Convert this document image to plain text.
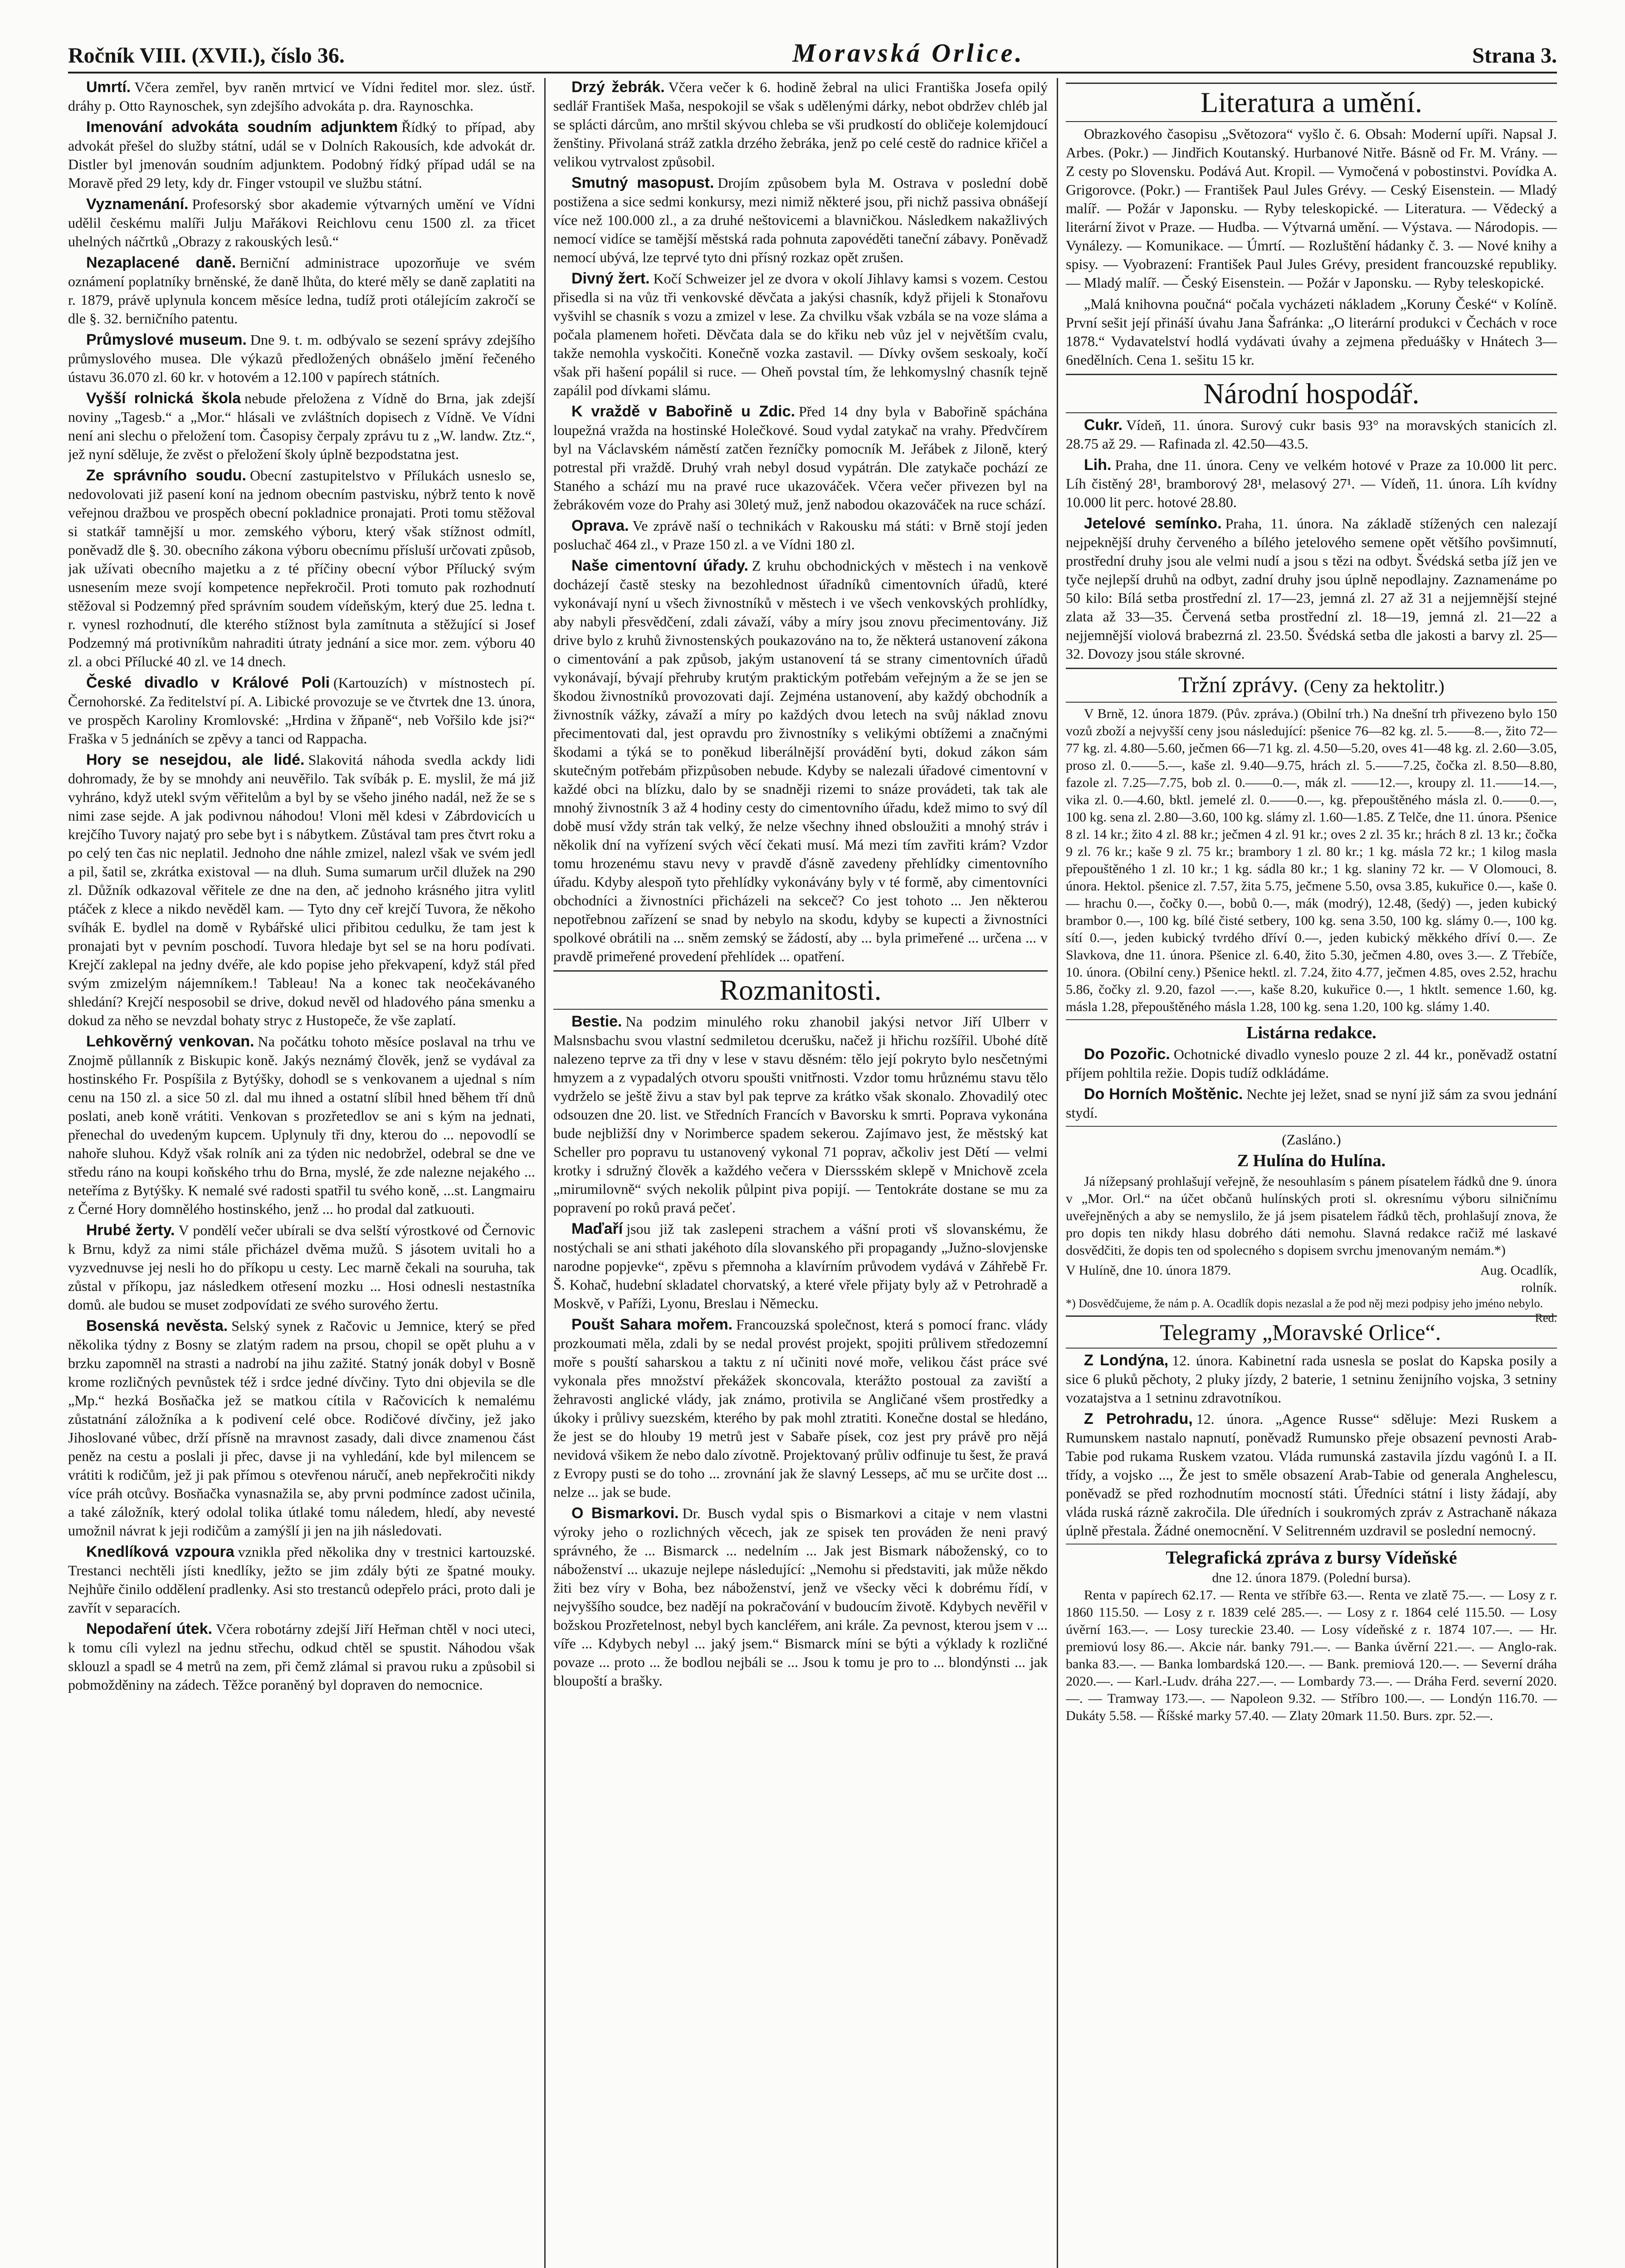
Ročník VIII. (XVII.), číslo 36.	Moravská Orlice.	Strana 3.

Umrtí. Včera zemřel, byv raněn mrtvicí ve Vídni ředitel mor. slez. ústř. dráhy p. Otto Raynoschek, syn zdejšího advokáta p. dra. Raynoschka.

Imenování advokáta soudním adjunktem Řídký to případ, aby advokát přešel do služby státní, udál se v Dolních Rakousích, kde advokát dr. Distler byl jmenován soudním adjunktem. Podobný řídký případ udál se na Moravě před 29 lety, kdy dr. Finger vstoupil ve službu státní.

Vyznamenání. Profesorský sbor akademie výtvarných umění ve Vídni udělil českému malíři Julju Mařákovi Reichlovu cenu 1500 zl. za třicet uhelných náčrtků „Obrazy z rakouských lesů.“

Nezaplacené daně. Berniční administrace upozorňuje ve svém oznámení poplatníky brněnské, že daně lhůta, do které měly se daně zaplatiti na r. 1879, právě uplynula koncem měsíce ledna, tudíž proti otálejícím zakročí se dle §. 32. berničního patentu.

Průmyslové museum. Dne 9. t. m. odbývalo se sezení správy zdejšího průmyslového musea. Dle výkazů předložených obnášelo jmění řečeného ústavu 36.070 zl. 60 kr. v hotovém a 12.100 v papírech státních.

Vyšší rolnická škola nebude přeložena z Vídně do Brna, jak zdejší noviny „Tagesb.“ a „Mor.“ hlásali ve zvláštních dopisech z Vídně. Ve Vídni není ani slechu o přeložení tom. Časopisy čerpaly zprávu tu z „W. landw. Ztz.“, jež nyní sděluje, že zvěst o přeložení školy úplně bezpodstatna jest.

Ze správního soudu. Obecní zastupitelstvo v Přílukách usneslo se, nedovolovati již pasení koní na jednom obecním pastvisku, nýbrž tento k nově veřejnou dražbou ve prospěch obecní pokladnice pronajati. Proti tomu stěžoval si statkář tamnější u mor. zemského výboru, který však stížnost odmítl, poněvadž dle §. 30. obecního zákona výboru obecnímu přísluší určovati způsob, jak užívati obecního majetku a z té příčiny obecní výbor Přílucký svým usnesením meze svojí kompetence nepřekročil. Proti tomuto pak rozhodnutí stěžoval si Podzemný před správním soudem vídeňským, který due 25. ledna t. r. vynesl rozhodnutí, dle kterého stížnost byla zamítnuta a stěžující si Josef Podzemný má protivníkům nahraditi útraty jednání a sice mor. zem. výboru 40 zl. a obci Přílucké 40 zl. ve 14 dnech.

České divadlo v Králové Poli (Kartouzích) v místnostech pí. Černohorské. Za ředitelství pí. A. Libické provozuje se ve čtvrtek dne 13. února, ve prospěch Karoliny Kromlovské: „Hrdina v žňpaně“, neb Vořšilo kde jsi?“ Fraška v 5 jednáních se zpěvy a tanci od Rappacha.

Hory se nesejdou, ale lidé. Slakovitá náhoda svedla ackdy lidi dohromady, že by se mnohdy ani neuvěřilo. Tak svíbák p. E. myslil, že má již vyhráno, když utekl svým věřitelům a byl by se všeho jiného nadál, než že se s nimi zase sejde. A jak podivnou náhodou! Vloni měl kdesi v Zábrdovicích u krejčího Tuvory najatý pro sebe byt i s nábytkem. Zůstával tam pres čtvrt roku a po celý ten čas nic neplatil. Jednoho dne náhle zmizel, nalezl však ve svém jedl a pil, šatil se, zkrátka existoval — na dluh. Suma sumarum určil dlužek na 290 zl. Důžník odkazoval věřitele ze dne na den, ač jednoho krásného jitra vylitl ptáček z klece a nikdo nevěděl kam. — Tyto dny ceř krejčí Tuvora, že někoho svíhák E. bydlel na domě v Rybářské ulici přibitou cedulku, že tam jest k pronajati byt v pevním poschodí. Tuvora hledaje byt sel se na horu podívati. Krejčí zaklepal na jedny dvéře, ale kdo popise jeho překvapení, když stál před svým zmizelým nájemníkem.! Tableau! Na a konec tak neočekávaného shledání? Krejčí nesposobil se drive, dokud nevěl od hladového pána smenku a dokud za něho se nevzdal bohaty stryc z Hustopeče, že vše zaplatí.

Lehkověrný venkovan. Na počátku tohoto měsíce poslaval na trhu ve Znojmě půllanník z Biskupic koně. Jakýs neznámý člověk, jenž se vydával za hostinského Fr. Pospíšila z Bytýšky, dohodl se s venkovanem a ujednal s ním cenu na 150 zl. a sice 50 zl. dal mu ihned a ostatní slíbil hned během tří dnů poslati, aneb koně vrátiti. Venkovan s prozřetedlov se ani s kým na jednati, přenechal do uvedeným kupcem. Uplynuly tři dny, kterou do ... nepovodlí se nahoře sluhou. Když však rolník ani za týden nic nedobržel, odebral se dne ve středu ráno na koupi koňského trhu do Brna, myslé, že zde nalezne nejakého ... neteříma z Bytýšky. K nemalé své radosti spatřil tu svého koně, ...st. Langmairu z Černé Hory domnělého hostinského, jenž ... ho prodal dal zatkuouti.

Hrubé žerty. V pondělí večer ubírali se dva selští výrostkové od Černovic k Brnu, když za nimi stále přicházel dvěma mužů. S jásotem uvitali ho a vyzvednuvse jej nesli ho do příkopu u cesty. Lec marně čekali na souruha, tak zůstal v příkopu, jaz následkem otřesení mozku ... Hosi odnesli nestastníka domů. ale budou se muset zodpovídati ze svého surového žertu.

Bosenská nevěsta. Selský synek z Račovic u Jemnice, který se před několika týdny z Bosny se zlatým radem na prsou, chopil se opět pluhu a v brzku zapomněl na strasti a nadrobí na jihu zažité. Statný jonák dobyl v Bosně krome rozličných pevnůstek též i srdce jedné dívčiny. Tyto dni objevila se dle „Mp.“ hezká Bosňačka jež se matkou cítila v Račovicích k nemalému zůstatnání záložníka a k podivení celé obce. Rodičové dívčiny, jež jako Jihoslované vůbec, drží přísně na mravnost zasady, dali divce znamenou část peněz na cestu a poslali ji přec, davse ji na vyhledání, kde byl milencem se vrátiti k rodičům, jež ji pak přímou s otevřenou náručí, aneb nepřekročiti nikdy více práh otcůvy. Bosňačka vynasnažila se, aby prvni podmínce zadost učinila, a také záložník, který odolal tolika útlaké tomu náledem, hledí, aby nevesté umožnil návrat k jeji rodičům a zamýšlí ji jen na jih následovati.

Knedlíková vzpoura vznikla před několika dny v trestnici kartouzské. Trestanci nechtěli jísti knedlíky, ježto se jim zdály býti ze špatné mouky. Nejhůře činilo oddělení pradlenky. Asi sto trestanců odepřelo práci, proto dali je zavřít v separacích.

Nepodaření útek. Včera robotárny zdejší Jiří Heřman chtěl v noci uteci, k tomu cíli vylezl na jednu střechu, odkud chtěl se spustit. Náhodou však sklouzl a spadl se 4 metrů na zem, při čemž zlámal si pravou ruku a způsobil si pobmožděniny na zádech. Těžce poraněný byl dopraven do nemocnice.

Drzý žebrák. Včera večer k 6. hodině žebral na ulici Františka Josefa opilý sedlář František Maša, nespokojil se však s udělenými dárky, nebot obdržev chléb jal se splácti dárcům, ano mrštil skývou chleba se vši prudkostí do obličeje kolemjdoucí ženštiny. Přivolaná stráž zatkla drzého žebráka, jenž po celé cestě do radnice křičel a velikou vytrvalost způsobil.

Smutný masopust. Drojím způsobem byla M. Ostrava v poslední době postižena a sice sedmi konkursy, mezi nimiž některé jsou, při nichž passiva obnášejí více než 100.000 zl., a za druhé neštovicemi a blavničkou. Následkem nakažlivých nemocí vidíce se tamější městská rada pohnuta zapovéděti taneční zábavy. Poněvadž nemocí ubývá, lze teprvé tyto dni přísný rozkaz opět zrušen.

Divný žert. Kočí Schweizer jel ze dvora v okolí Jihlavy kamsi s vozem. Cestou přisedla si na vůz tři venkovské děvčata a jakýsi chasník, když přijeli k Stonařovu vyšvihl se chasník s vozu a zmizel v lese. Za chvilku však vzbála se na voze sláma a počala plamenem hořeti. Děvčata dala se do křiku neb vůz jel v největším cvalu, takže nemohla vyskočiti. Konečně vozka zastavil. — Dívky ovšem seskoaly, kočí však při hašení popálil si ruce. — Oheň povstal tím, že lehkomyslný chasník tejně zapálil pod dívkami slámu.

K vraždě v Babořině u Zdic. Před 14 dny byla v Babořině spáchána loupežná vražda na hostinské Holečkové. Soud vydal zatykač na vrahy. Předvčírem byl na Václavském náměstí zatčen řezníčky pomocník M. Jeřábek z Jiloně, který potrestal při vraždě. Druhý vrah nebyl dosud vypátrán. Dle zatykače pochází ze Staného a schází mu na pravé ruce ukazováček. Včera večer přivezen byl na žebrákovém voze do Prahy asi 30letý muž, jenž nabodou okazováček na ruce schází.

Oprava. Ve zprávě naší o technikách v Rakousku má státi: v Brně stojí jeden posluchač 464 zl., v Praze 150 zl. a ve Vídni 180 zl.

Naše cimentovní úřady. Z kruhu obchodnických v městech i na venkově docházejí častě stesky na bezohlednost úřadníků cimentovních úřadů, které vykonávají nyní u všech živnostníků v městech i ve všech venkovských prohlídky, aby nabyli přesvědčení, zdali závaží, váby a míry jsou znovu přecimentovány. Již drive bylo z kruhů živnostenských poukazováno na to, že některá ustanovení zákona o cimentování a pak způsob, jakým ustanovení tá se strany cimentovních úřadů vykonávají, bývají přehruby krutým praktickým potřebám veřejným a že se jen se škodou živnostníků provozovati dají. Zejména ustanovení, aby každý obchodník a živnostník vážky, závaží a míry po každých dvou letech na svůj náklad znovu přecimentovati dal, jest opravdu pro živnostníky s velikými obtížemi a značnými škodami a týká se to poněkud liberálnější provádění byti, dokud zákon sám skutečným potřebám přizpůsoben nebude. Kdyby se nalezali úřadové cimentovní v každé obci na blízku, dalo by se snadněji rizemi to snáze provádeti, tak tak ale mnohý živnostník 3 až 4 hodiny cesty do cimentovního úřadu, kdež mimo to svý díl době musí vždy strán tak velký, že nelze všechny ihned obsloužiti a mnohý stráv i několik dní na vyřízení svých věcí čekati musí. Má mezi tím zavřiti krám? Vzdor tomu hrozenému stavu nevy v pravdě ďásně zavedeny přehlídky cimentovního úřadu. Kdyby alespoň tyto přehlídky vykonávány byly v té formě, aby cimentovníci obchodníci a živnostníci přicházeli na sekceč? Co jest tohoto ... Jen některou nepotřebnou zařízení se snad by nebylo na skodu, kdyby se kupecti a živnostníci spolkové obrátili na ... sněm zemský se žádostí, aby ... byla primeřené ... určena ... v pravdě primeřené provedení přehlídek ... opatření.

Rozmanitosti.

Bestie. Na podzim minulého roku zhanobil jakýsi netvor Jiří Ulberr v Malsnsbachu svou vlastní sedmiletou dcerušku, načež ji hřichu rozšířil. Ubohé dítě nalezeno teprve za tři dny v lese v stavu děsném: tělo její pokryto bylo nesčetnými hmyzem a z vypadalých otvoru spoušti vnitřnosti. Vzdor tomu hrůznému stavu tělo vydrželo se ještě živu a stav byl pak teprve za krátko však skonalo. Zhovadilý otec odsouzen dne 20. list. ve Středních Francích v Bavorsku k smrti. Poprava vykonána bude nejbližší dny v Norimberce spadem sekerou. Zajímavo jest, že městský kat Scheller pro popravu tu ustanovený vykonal 71 poprav, ačkoliv jest Dětí — velmi krotky i sdružný člověk a každého večera v Dierssském sklepě v Mnichově zcela „mirumilovně“ svých nekolik půlpint piva popijí. — Tentokráte dostane se mu za popravení po roků pravá pečeť.

Maďaří jsou již tak zaslepeni strachem a vášní proti vš slovanskému, že nostýchali se ani sthati jakéhoto díla slovanského při propagandy „Južno-slovjenske narodne popjevke“, zpěvu s přemnoha a klavírním průvodem vydává v Záhřebě Fr. Š. Kohač, hudební skladatel chorvatský, a které vřele přijaty byly až v Petrohradě a Moskvě, v Paříži, Lyonu, Breslau i Německu.

Poušt Sahara mořem. Francouzská společnost, která s pomocí franc. vlády prozkoumati měla, zdali by se nedal provést projekt, spojiti průlivem středozemní moře s pouští saharskou a taktu z ní učiniti nové moře, velikou část práce své vykonala přes množství překážek skoncovala, kterážto postoual za zaviští a žehravosti anglické vlády, jak známo, protivila se Angličané všem prostředky a úkoky i průlivy suezském, kterého by pak mohl ztratiti. Konečne dostal se hledáno, že jest se do hlouby 19 metrů jest v Sabaře písek, coz jest pry právě pro nějá nevidová všikem že nebo dalo zívotně. Projektovaný průliv odfinuje tu šest, že pravá z Evropy pusti se do toho ... zrovnání jak že slavný Lesseps, ač mu se určite dost ... nelze ... jak se bude.

O Bismarkovi. Dr. Busch vydal spis o Bismarkovi a citaje v nem vlastni výroky jeho o rozlichných věcech, jak ze spisek ten prováden že neni pravý správného, že ... Bismarck ... nedelním ... Jak jest Bismark náboženský, co to náboženství ... ukazuje nejlepe následující: „Nemohu si představiti, jak může někdo žiti bez víry v Boha, bez náboženství, jenž ve všecky věci k dobrému řídí, v nejvyššího soudce, bez nadějí na pokračování v budoucím životě. Kdybych nevěřil v božskou Prozřetelnost, nebyl bych kancléřem, ani krále. Za pevnost, kterou jsem v ... víře ... Kdybych nebyl ... jaký jsem.“ Bismarck míni se býti a výklady k rozličné povaze ... proto ... že bodlou nejbáli se ... Jsou k tomu je pro to ... blondýnsti ... jak bloupoští a brašky.

Literatura a umění.

Obrazkového časopisu „Světozora“ vyšlo č. 6. Obsah: Moderní upíři. Napsal J. Arbes. (Pokr.) — Jindřich Koutanský. Hurbanové Nitře. Básně od Fr. M. Vrány. — Z cesty po Slovensku. Podává Aut. Kropil. — Vymočená v pobostinstvi. Povídka A. Grigorovce. (Pokr.) — František Paul Jules Grévy. — Ceský Eisenstein. — Mladý malíř. — Požár v Japonsku. — Ryby teleskopické. — Literatura. — Vědecký a literární život v Praze. — Hudba. — Výtvarná umění. — Výstava. — Národopis. — Vynálezy. — Komunikace. — Úmrtí. — Rozluštění hádanky č. 3. — Nové knihy a spisy. — Vyobrazení: František Paul Jules Grévy, president francouzské republiky. — Mladý malíř. — Český Eisenstein. — Požár v Japonsku. — Ryby teleskopické.

„Malá knihovna poučná“ počala vycházeti nákladem „Koruny České“ v Kolíně. První sešit její přináší úvahu Jana Šafránka: „O literární produkci v Čechách v roce 1878.“ Vydavatelství hodlá vydávati úvahy a zejmena předuášky v Hnátech 3—6nedělních. Cena 1. sešitu 15 kr.

Národní hospodář.

Cukr. Vídeň, 11. února. Surový cukr basis 93° na moravských stanicích zl. 28.75 až 29. — Rafinada zl. 42.50—43.5.

Lih. Praha, dne 11. února. Ceny ve velkém hotové v Praze za 10.000 lit perc. Líh čistěný 28¹, bramborový 28¹, melasový 27¹. — Vídeň, 11. února. Líh kvídny 10.000 lit perc. hotové 28.80.

Jetelové semínko. Praha, 11. února. Na základě stížených cen nalezají nejpeknější druhy červeného a bílého jetelového semene opět většího povšimnutí, prostřední druhy jsou ale velmi nudí a jsou s tězi na odbyt. Švédská setba jíž jen ve tyče nejlepší druhů na odbyt, zadní druhy jsou úplně nepodlajny. Zaznamenáme po 50 kilo: Bílá setba prostřední zl. 17—23, jemná zl. 27 až 31 a nejjemnější stejné zlata až 33—35. Červená setba prostřední zl. 18—19, jemná zl. 21—22 a nejjemnější violová brabezrná zl. 23.50. Švédská setba dle jakosti a barvy zl. 25—32. Dovozy jsou stále skrovné.

Tržní zprávy. (Ceny za hektolitr.)

V Brně, 12. února 1879. (Pův. zpráva.) (Obilní trh.) Na dnešní trh přivezeno bylo 150 vozů zboží a nejvyšší ceny jsou následující: pšenice 76—82 kg. zl. 5.——8.—, žito 72—77 kg. zl. 4.80—5.60, ječmen 66—71 kg. zl. 4.50—5.20, oves 41—48 kg. zl. 2.60—3.05, proso zl. 0.——5.—, kaše zl. 9.40—9.75, hrách zl. 5.——7.25, čočka zl. 8.50—8.80, fazole zl. 7.25—7.75, bob zl. 0.——0.—, mák zl. ——12.—, kroupy zl. 11.——14.—, vika zl. 0.—4.60, bktl. jemelé zl. 0.——0.—, kg. přepouštěného másla zl. 0.——0.—, 100 kg. sena zl. 2.80—3.60, 100 kg. slámy zl. 1.60—1.85. Z Telče, dne 11. února. Pšenice 8 zl. 14 kr.; žito 4 zl. 88 kr.; ječmen 4 zl. 91 kr.; oves 2 zl. 35 kr.; hrách 8 zl. 13 kr.; čočka 9 zl. 76 kr.; kaše 9 zl. 75 kr.; brambory 1 zl. 80 kr.; 1 kg. másla 72 kr.; 1 kilog masla přepouštěného 1 zl. 10 kr.; 1 kg. sádla 80 kr.; 1 kg. slaniny 72 kr. — V Olomouci, 8. února. Hektol. pšenice zl. 7.57, žita 5.75, ječmene 5.50, ovsa 3.85, kukuřice 0.—, kaše 0.— hrachu 0.—, čočky 0.—, bobů 0.—, mák (modrý), 12.48, (šedý) —, jeden kubický brambor 0.—, 100 kg. bílé čisté setbery, 100 kg. sena 3.50, 100 kg. slámy 0.—, 100 kg. sítí 0.—, jeden kubický tvrdého dříví 0.—, jeden kubický měkkého dříví 0.—. Ze Slavkova, dne 11. února. Pšenice zl. 6.40, žito 5.30, ječmen 4.80, oves 3.—. Z Třebíče, 10. února. (Obilní ceny.) Pšenice hektl. zl. 7.24, žito 4.77, ječmen 4.85, oves 2.52, hrachu 5.86, čočky zl. 9.20, fazol —.—, kaše 8.20, kukuřice 0.—, 1 hktlt. semence 1.60, kg. másla 1.28, přepouštěného másla 1.28, 100 kg. sena 1.20, 100 kg. slámy 1.40.

Listárna redakce.

Do Pozořic. Ochotnické divadlo vyneslo pouze 2 zl. 44 kr., poněvadž ostatní příjem pohltila režie. Dopis tudíž odkládáme.

Do Horních Moštěnic. Nechte jej ležet, snad se nyní již sám za svou jednání stydí.

(Zasláno.)
Z Hulína do Hulína.

Já nížepsaný prohlašují veřejně, že nesouhlasím s pánem písatelem řádků dne 9. února v „Mor. Orl.“ na účet občanů hulínských proti sl. okresnímu výboru silničnímu uveřejněných a aby se nemyslilo, že já jsem pisatelem řádků těch, prohlašují znova, že pro dopis ten nikdy hlasu dobrého dáti nemohu. Slavná redakce račiž mé laskavé dosvědčiti, že dopis ten od spolecného s dopisem svrchu jmenovaným nemám.*)

V Hulíně, dne 10. února 1879.	Aug. Ocadlík,
rolník.
*) Dosvědčujeme, že nám p. A. Ocadlík dopis nezaslal a že pod něj mezi podpisy jeho jméno nebylo.
Red.
Telegramy „Moravské Orlice“.

Z Londýna, 12. února. Kabinetní rada usnesla se poslat do Kapska posily a sice 6 pluků pěchoty, 2 pluky jízdy, 2 baterie, 1 setninu ženijního vojska, 3 setniny vozatajstva a 1 setninu zdravotníkou.

Z Petrohradu, 12. února. „Agence Russe“ sděluje: Mezi Ruskem a Rumunskem nastalo napnutí, poněvadž Rumunsko přeje obsazení pevnosti Arab-Tabie pod rukama Ruskem vzatou. Vláda rumunská zastavila jízdu vagónů I. a II. třídy, a vojsko ..., Že jest to směle obsazení Arab-Tabie od generala Anghelescu, poněvadž se před rozhodnutím mocností státi. Úředníci státní i listy žádají, aby vláda ruská rázně zakročila. Dle úředních i soukromých zpráv z Astrachaně nákaza úplně přestala. Žádné onemocnění. V Selitrenném uzdravil se poslední nemocný.

Telegrafická zpráva z bursy Vídeňské
dne 12. února 1879. (Polední bursa).

Renta v papírech 62.17. — Renta ve stříbře 63.—. Renta ve zlatě 75.—. — Losy z r. 1860 115.50. — Losy z r. 1839 celé 285.—. — Losy z r. 1864 celé 115.50. — Losy úvěrní 163.—. — Losy tureckie 23.40. — Losy vídeňské z r. 1874 107.—. — Hr. premiovú losy 86.—. Akcie nár. banky 791.—. — Banka úvěrní 221.—. — Anglo-rak. banka 83.—. — Banka lombardská 120.—. — Bank. premiová 120.—. — Severní dráha 2020.—. — Karl.-Ludv. dráha 227.—. — Lombardy 73.—. — Dráha Ferd. severní 2020.—. — Tramway 173.—. — Napoleon 9.32. — Stříbro 100.—. — Londýn 116.70. — Dukáty 5.58. — Říšské marky 57.40. — Zlaty 20mark 11.50. Burs. zpr. 52.—.
